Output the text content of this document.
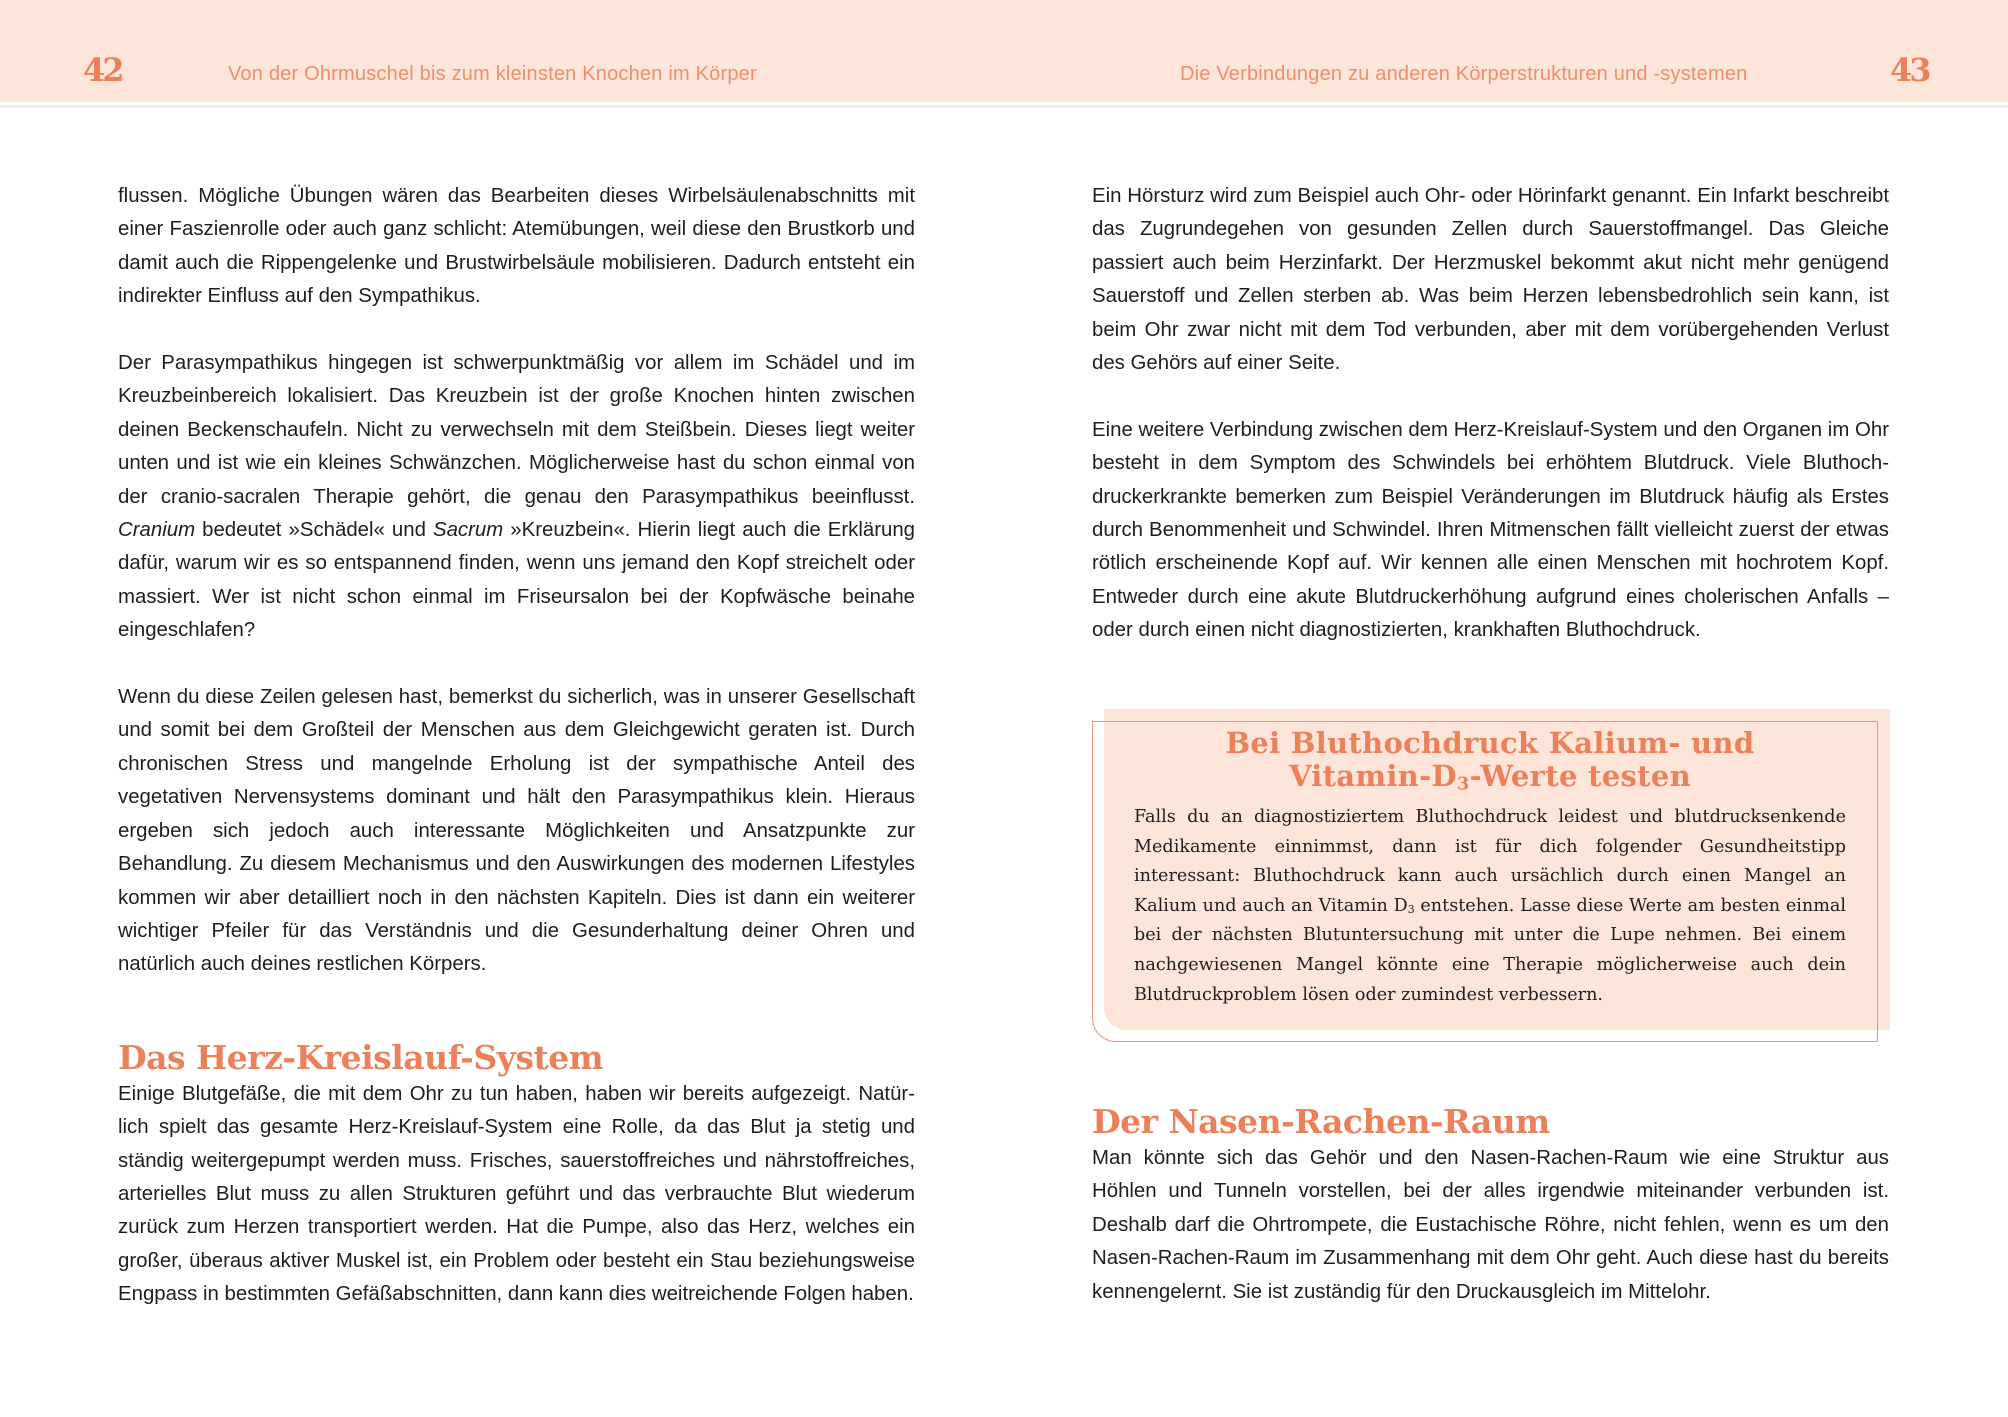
42	Von der Ohrmuschel bis zum kleinsten Knochen im Körper	Die Verbindungen zu anderen Körperstrukturen und -systemen	43

flussen. Mögliche Übungen wären das Bearbeiten dieses Wirbelsäulenabschnitts mit einer Faszienrolle oder auch ganz schlicht: Atemübungen, weil diese den Brustkorb und damit auch die Rippengelenke und Brustwirbelsäule mobilisieren. Dadurch entsteht ein indirekter Einfluss auf den Sympathikus.

Der Parasympathikus hingegen ist schwerpunktmäßig vor allem im Schädel und im Kreuzbeinbereich lokalisiert. Das Kreuzbein ist der große Knochen hinten zwischen deinen Beckenschaufeln. Nicht zu verwechseln mit dem Steißbein. Dieses liegt weiter unten und ist wie ein kleines Schwänzchen. Möglicherweise hast du schon einmal von der cranio-sacralen Therapie gehört, die genau den Parasympathikus beeinflusst. Cranium bedeutet »Schädel« und Sacrum »Kreuzbein«. Hierin liegt auch die Erklärung dafür, warum wir es so entspannend finden, wenn uns jemand den Kopf streichelt oder massiert. Wer ist nicht schon einmal im Friseursalon bei der Kopfwäsche beinahe eingeschlafen?

Wenn du diese Zeilen gelesen hast, bemerkst du sicherlich, was in unserer Gesellschaft und somit bei dem Großteil der Menschen aus dem Gleichgewicht geraten ist. Durch chronischen Stress und mangelnde Erholung ist der sympathische Anteil des vegetativen Nervensystems dominant und hält den Parasympathikus klein. Hieraus ergeben sich jedoch auch interessante Möglichkeiten und Ansatzpunkte zur Behandlung. Zu diesem Mechanismus und den Auswirkungen des modernen Lifestyles kommen wir aber detailliert noch in den nächsten Kapiteln. Dies ist dann ein weiterer wichtiger Pfeiler für das Verständnis und die Gesunderhaltung deiner Ohren und natürlich auch deines restlichen Körpers.

Das Herz-Kreislauf-System

Einige Blutgefäße, die mit dem Ohr zu tun haben, haben wir bereits aufgezeigt. Natürlich spielt das gesamte Herz-Kreislauf-System eine Rolle, da das Blut ja stetig und ständig weitergepumpt werden muss. Frisches, sauerstoffreiches und nährstoffreiches, arterielles Blut muss zu allen Strukturen geführt und das verbrauchte Blut wiederum zurück zum Herzen transportiert werden. Hat die Pumpe, also das Herz, welches ein großer, überaus aktiver Muskel ist, ein Problem oder besteht ein Stau beziehungsweise Engpass in bestimmten Gefäßabschnitten, dann kann dies weitreichende Folgen haben.

Ein Hörsturz wird zum Beispiel auch Ohr- oder Hörinfarkt genannt. Ein Infarkt beschreibt das Zugrundegehen von gesunden Zellen durch Sauerstoffmangel. Das Gleiche passiert auch beim Herzinfarkt. Der Herzmuskel bekommt akut nicht mehr genügend Sauerstoff und Zellen sterben ab. Was beim Herzen lebensbedrohlich sein kann, ist beim Ohr zwar nicht mit dem Tod verbunden, aber mit dem vorübergehenden Verlust des Gehörs auf einer Seite.

Eine weitere Verbindung zwischen dem Herz-Kreislauf-System und den Organen im Ohr besteht in dem Symptom des Schwindels bei erhöhtem Blutdruck. Viele Bluthochdruckerkrankte bemerken zum Beispiel Veränderungen im Blutdruck häufig als Erstes durch Benommenheit und Schwindel. Ihren Mitmenschen fällt vielleicht zuerst der etwas rötlich erscheinende Kopf auf. Wir kennen alle einen Menschen mit hochrotem Kopf. Entweder durch eine akute Blutdruckerhöhung aufgrund eines cholerischen Anfalls – oder durch einen nicht diagnostizierten, krankhaften Bluthochdruck.

Bei Bluthochdruck Kalium- und
Vitamin-$D_3$-Werte testen

Falls du an diagnostiziertem Bluthochdruck leidest und blutdrucksenkende Medikamente einnimmst, dann ist für dich folgender Gesundheitstipp interessant: Bluthochdruck kann auch ursächlich durch einen Mangel an Kalium und auch an Vitamin $D_3$ entstehen. Lasse diese Werte am besten einmal bei der nächsten Blutuntersuchung mit unter die Lupe nehmen. Bei einem nachgewiesenen Mangel könnte eine Therapie möglicherweise auch dein Blutdruckproblem lösen oder zumindest verbessern.

Der Nasen-Rachen-Raum

Man könnte sich das Gehör und den Nasen-Rachen-Raum wie eine Struktur aus Höhlen und Tunneln vorstellen, bei der alles irgendwie miteinander verbunden ist. Deshalb darf die Ohrtrompete, die Eustachische Röhre, nicht fehlen, wenn es um den Nasen-Rachen-Raum im Zusammenhang mit dem Ohr geht. Auch diese hast du bereits kennengelernt. Sie ist zuständig für den Druckausgleich im Mittelohr.
